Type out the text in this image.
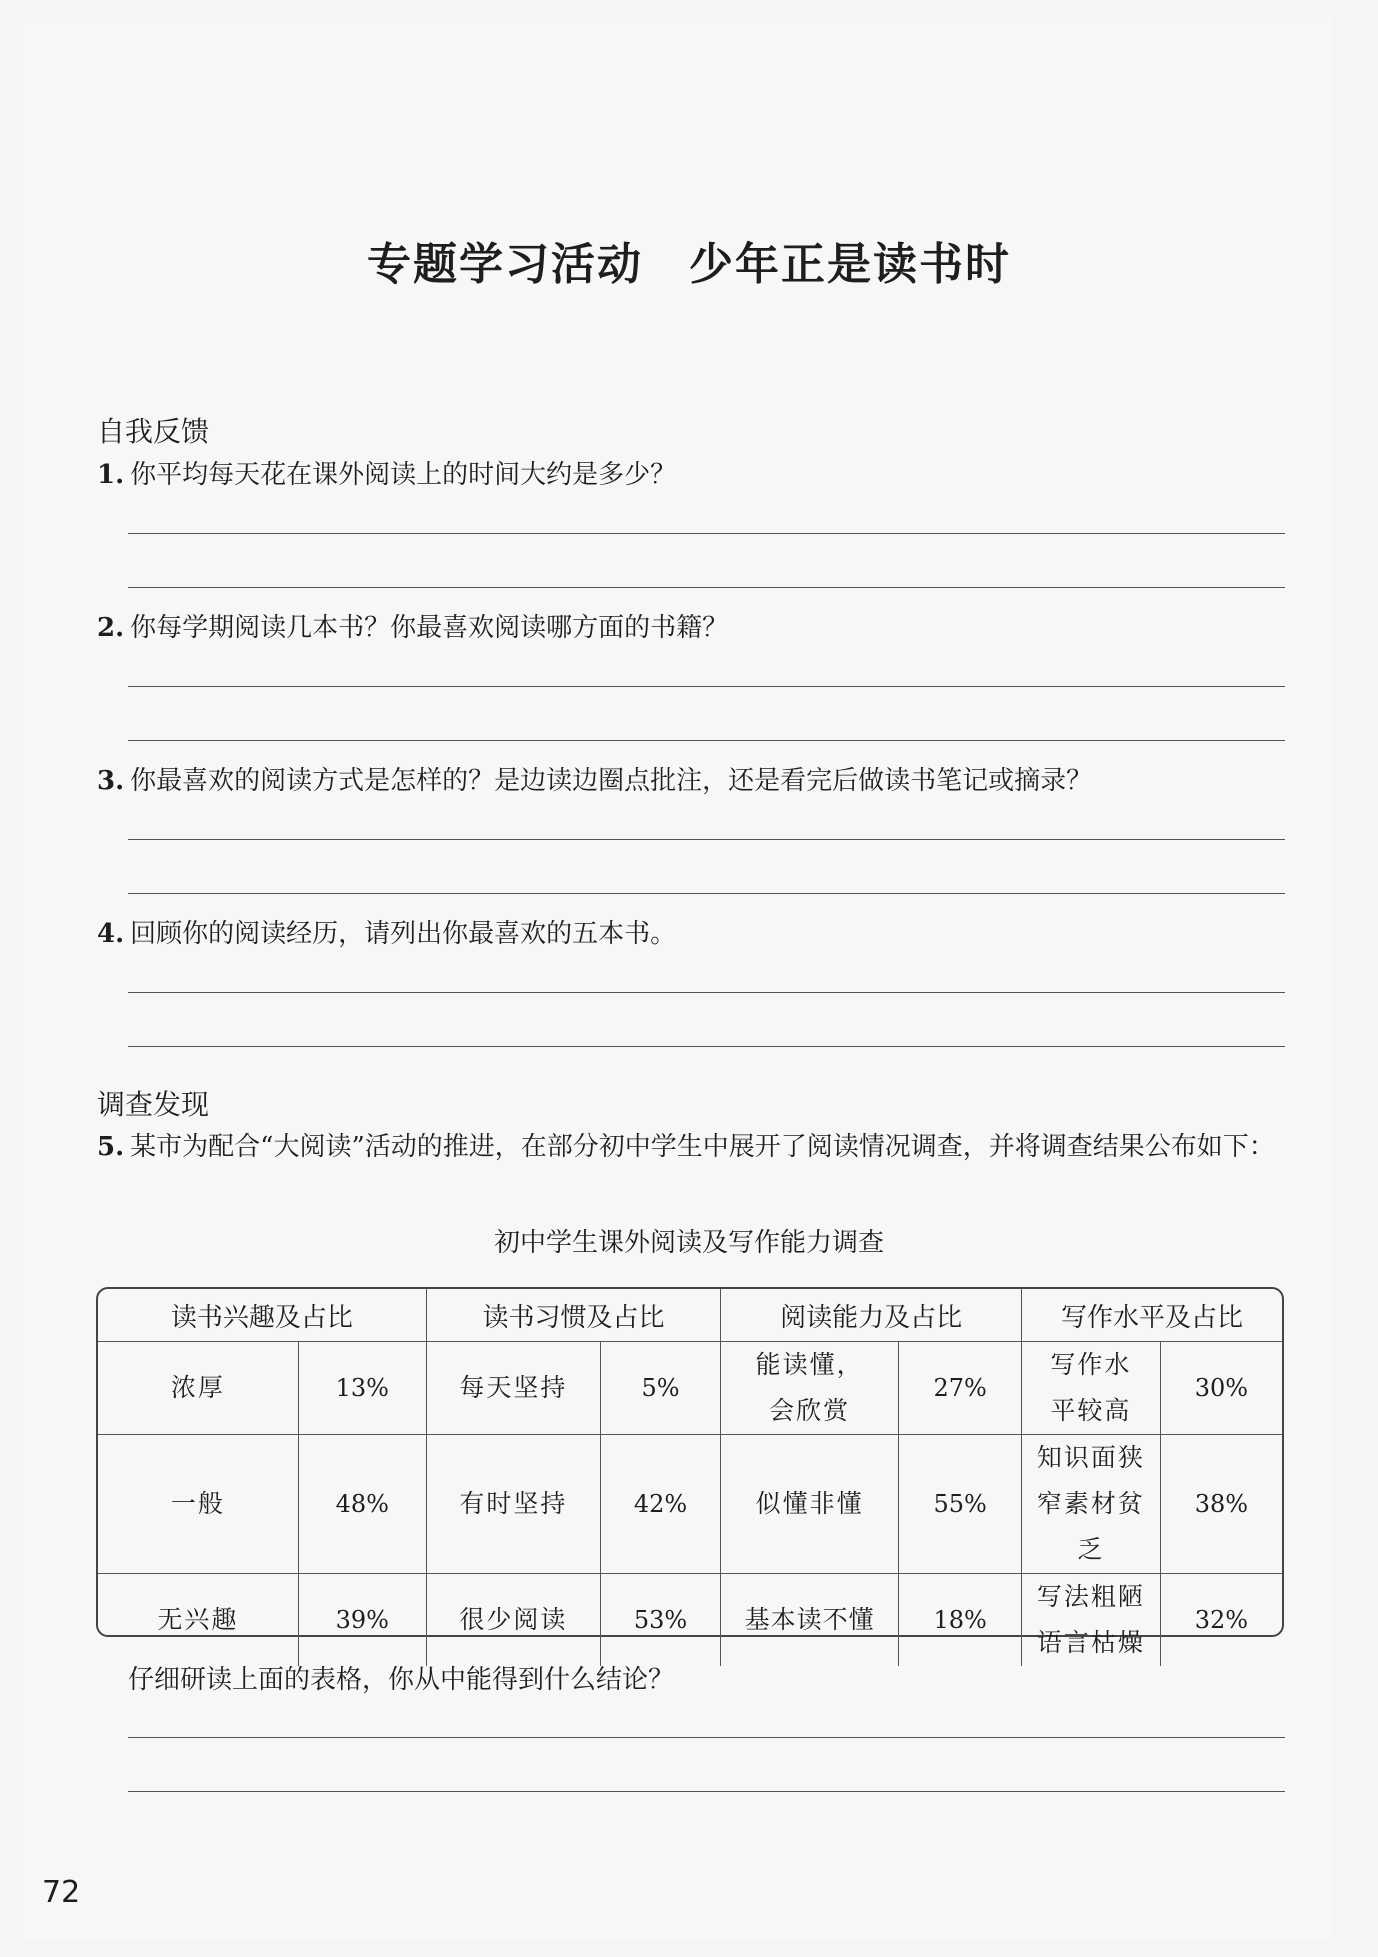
专题学习活动　少年正是读书时
自我反馈
1. 你平均每天花在课外阅读上的时间大约是多少？
2. 你每学期阅读几本书？你最喜欢阅读哪方面的书籍？
3. 你最喜欢的阅读方式是怎样的？是边读边圈点批注，还是看完后做读书笔记或摘录？
4. 回顾你的阅读经历，请列出你最喜欢的五本书。
调查发现
5. 某市为配合“大阅读”活动的推进，在部分初中学生中展开了阅读情况调查，并将调查结果公布如下：
初中学生课外阅读及写作能力调查
读书兴趣及占比		读书习惯及占比		阅读能力及占比		写作水平及占比	
浓厚	13%	每天坚持	5%	能读懂，会欣赏	27%	写作水平较高	30%
一般	48%	有时坚持	42%	似懂非懂	55%	知识面狭窄素材贫乏	38%
无兴趣	39%	很少阅读	53%	基本读不懂	18%	写法粗陋语言枯燥	32%
仔细研读上面的表格，你从中能得到什么结论？
72
